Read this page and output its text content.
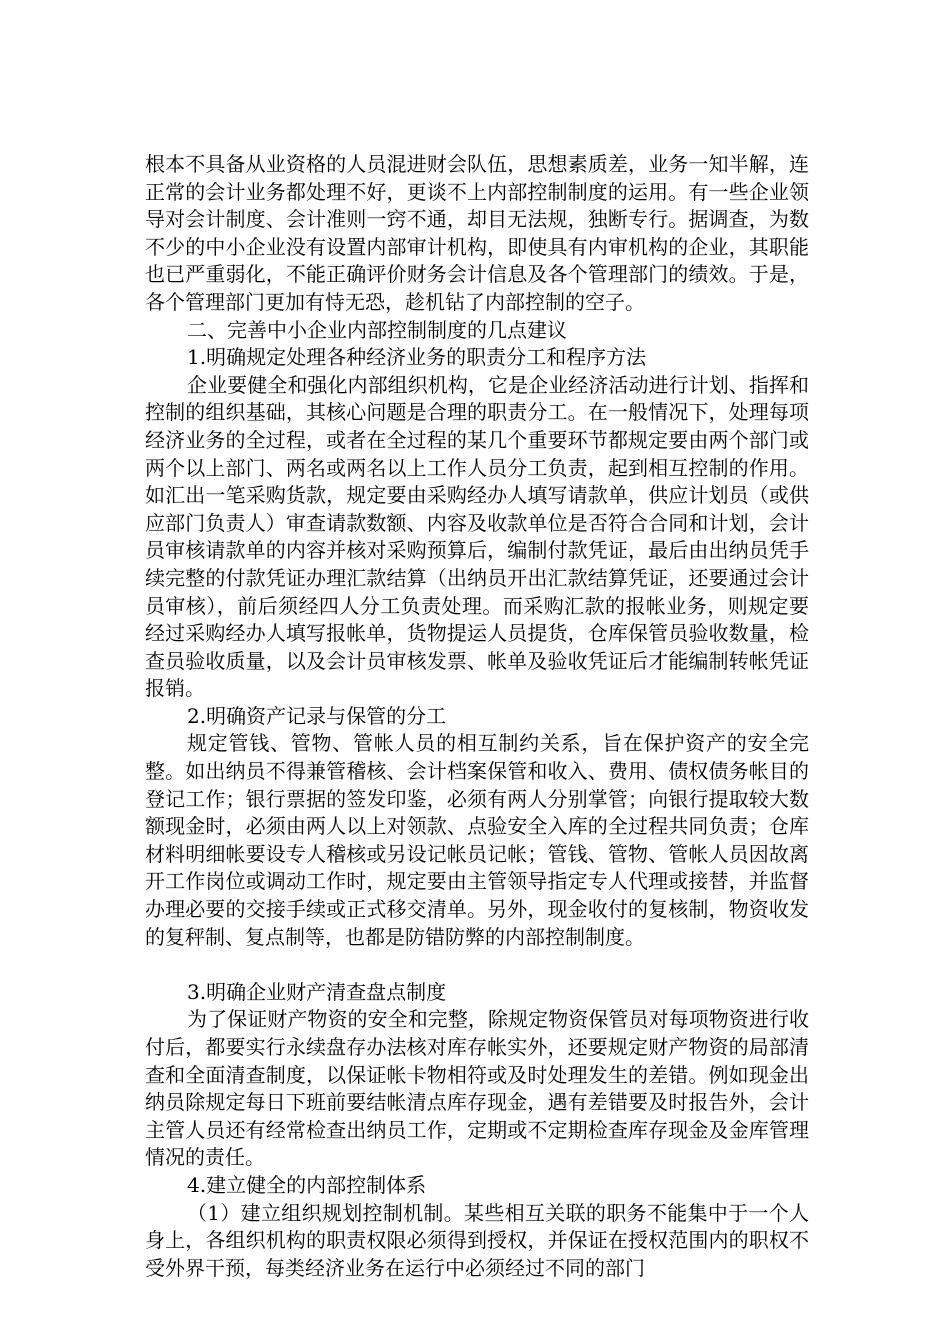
根本不具备从业资格的人员混进财会队伍，思想素质差，业务一知半解，连正常的会计业务都处理不好，更谈不上内部控制制度的运用。有一些企业领导对会计制度、会计准则一窍不通，却目无法规，独断专行。据调查，为数不少的中小企业没有设置内部审计机构，即使具有内审机构的企业，其职能也已严重弱化，不能正确评价财务会计信息及各个管理部门的绩效。于是，各个管理部门更加有恃无恐，趁机钻了内部控制的空子。

二、完善中小企业内部控制制度的几点建议

1.明确规定处理各种经济业务的职责分工和程序方法

企业要健全和强化内部组织机构，它是企业经济活动进行计划、指挥和控制的组织基础，其核心问题是合理的职责分工。在一般情况下，处理每项经济业务的全过程，或者在全过程的某几个重要环节都规定要由两个部门或两个以上部门、两名或两名以上工作人员分工负责，起到相互控制的作用。如汇出一笔采购货款，规定要由采购经办人填写请款单，供应计划员（或供应部门负责人）审查请款数额、内容及收款单位是否符合合同和计划，会计员审核请款单的内容并核对采购预算后，编制付款凭证，最后由出纳员凭手续完整的付款凭证办理汇款结算（出纳员开出汇款结算凭证，还要通过会计员审核），前后须经四人分工负责处理。而采购汇款的报帐业务，则规定要经过采购经办人填写报帐单，货物提运人员提货，仓库保管员验收数量，检查员验收质量，以及会计员审核发票、帐单及验收凭证后才能编制转帐凭证报销。

2.明确资产记录与保管的分工

规定管钱、管物、管帐人员的相互制约关系，旨在保护资产的安全完整。如出纳员不得兼管稽核、会计档案保管和收入、费用、债权债务帐目的登记工作；银行票据的签发印鉴，必须有两人分别掌管；向银行提取较大数额现金时，必须由两人以上对领款、点验安全入库的全过程共同负责；仓库材料明细帐要设专人稽核或另设记帐员记帐；管钱、管物、管帐人员因故离开工作岗位或调动工作时，规定要由主管领导指定专人代理或接替，并监督办理必要的交接手续或正式移交清单。另外，现金收付的复核制，物资收发的复秤制、复点制等，也都是防错防弊的内部控制制度。

3.明确企业财产清查盘点制度

为了保证财产物资的安全和完整，除规定物资保管员对每项物资进行收付后，都要实行永续盘存办法核对库存帐实外，还要规定财产物资的局部清查和全面清查制度，以保证帐卡物相符或及时处理发生的差错。例如现金出纳员除规定每日下班前要结帐清点库存现金，遇有差错要及时报告外，会计主管人员还有经常检查出纳员工作，定期或不定期检查库存现金及金库管理情况的责任。

4.建立健全的内部控制体系

（1）建立组织规划控制机制。某些相互关联的职务不能集中于一个人身上，各组织机构的职责权限必须得到授权，并保证在授权范围内的职权不受外界干预，每类经济业务在运行中必须经过不同的部门
